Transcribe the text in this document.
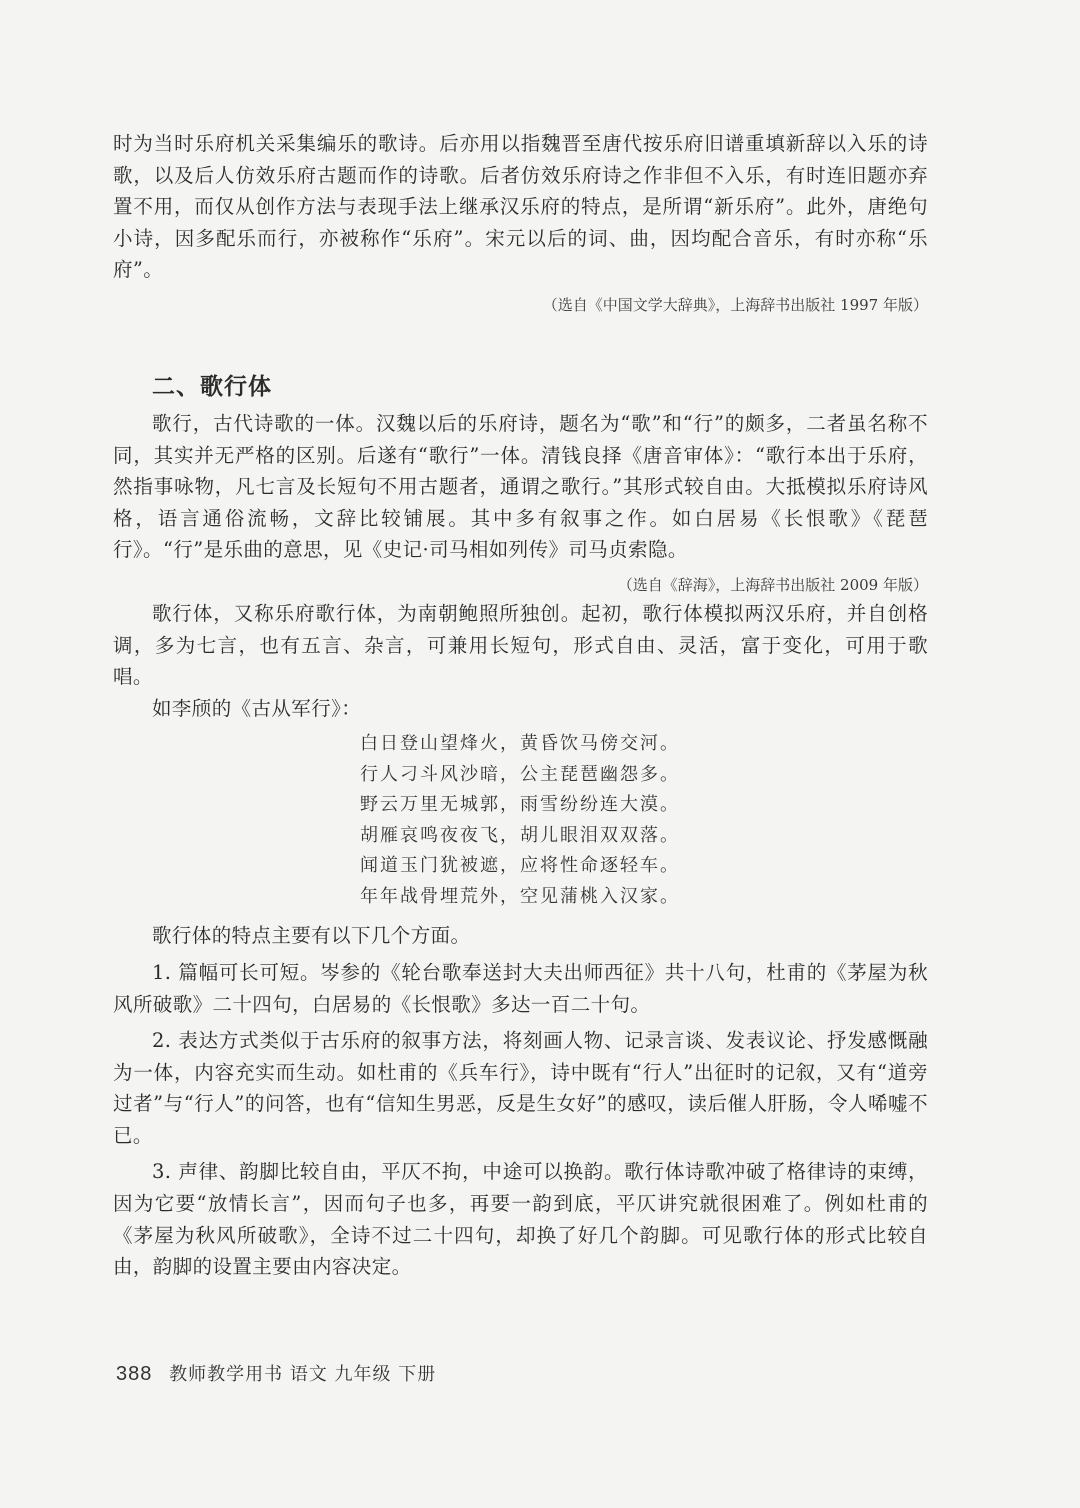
时为当时乐府机关采集编乐的歌诗。后亦用以指魏晋至唐代按乐府旧谱重填新辞以入乐的诗歌，以及后人仿效乐府古题而作的诗歌。后者仿效乐府诗之作非但不入乐，有时连旧题亦弃置不用，而仅从创作方法与表现手法上继承汉乐府的特点，是所谓“新乐府”。此外，唐绝句小诗，因多配乐而行，亦被称作“乐府”。宋元以后的词、曲，因均配合音乐，有时亦称“乐府”。

（选自《中国文学大辞典》，上海辞书出版社 1997 年版）

二、歌行体

歌行，古代诗歌的一体。汉魏以后的乐府诗，题名为“歌”和“行”的颇多，二者虽名称不同，其实并无严格的区别。后遂有“歌行”一体。清钱良择《唐音审体》：“歌行本出于乐府，然指事咏物，凡七言及长短句不用古题者，通谓之歌行。”其形式较自由。大抵模拟乐府诗风格，语言通俗流畅，文辞比较铺展。其中多有叙事之作。如白居易《长恨歌》《琵琶行》。“行”是乐曲的意思，见《史记·司马相如列传》司马贞索隐。

（选自《辞海》，上海辞书出版社 2009 年版）

歌行体，又称乐府歌行体，为南朝鲍照所独创。起初，歌行体模拟两汉乐府，并自创格调，多为七言，也有五言、杂言，可兼用长短句，形式自由、灵活，富于变化，可用于歌唱。

如李颀的《古从军行》：

白日登山望烽火，黄昏饮马傍交河。
行人刁斗风沙暗，公主琵琶幽怨多。
野云万里无城郭，雨雪纷纷连大漠。
胡雁哀鸣夜夜飞，胡儿眼泪双双落。
闻道玉门犹被遮，应将性命逐轻车。
年年战骨埋荒外，空见蒲桃入汉家。

歌行体的特点主要有以下几个方面。

1. 篇幅可长可短。岑参的《轮台歌奉送封大夫出师西征》共十八句，杜甫的《茅屋为秋风所破歌》二十四句，白居易的《长恨歌》多达一百二十句。

2. 表达方式类似于古乐府的叙事方法，将刻画人物、记录言谈、发表议论、抒发感慨融为一体，内容充实而生动。如杜甫的《兵车行》，诗中既有“行人”出征时的记叙，又有“道旁过者”与“行人”的问答，也有“信知生男恶，反是生女好”的感叹，读后催人肝肠，令人唏嘘不已。

3. 声律、韵脚比较自由，平仄不拘，中途可以换韵。歌行体诗歌冲破了格律诗的束缚，因为它要“放情长言”，因而句子也多，再要一韵到底，平仄讲究就很困难了。例如杜甫的《茅屋为秋风所破歌》，全诗不过二十四句，却换了好几个韵脚。可见歌行体的形式比较自由，韵脚的设置主要由内容决定。

388 教师教学用书 语文 九年级 下册
